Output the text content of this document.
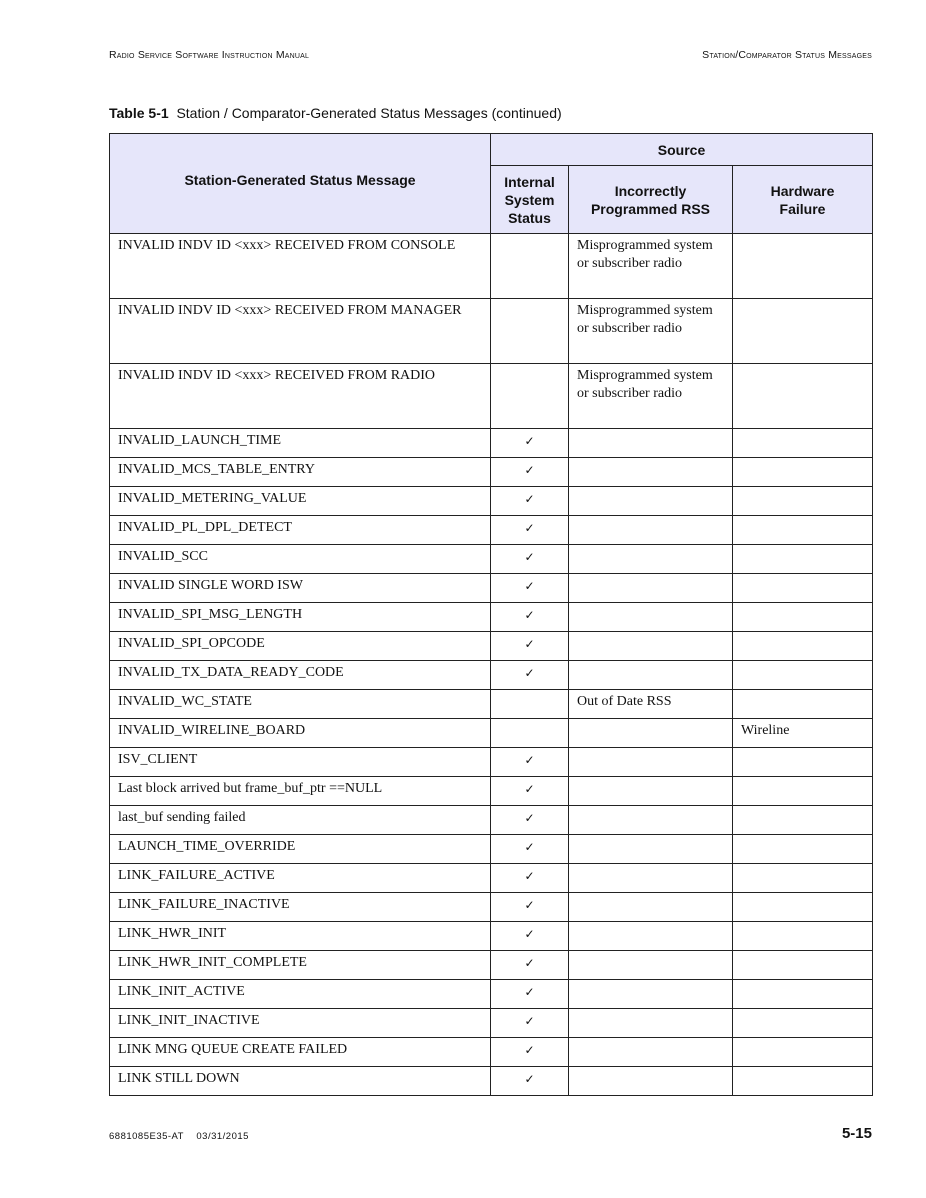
Radio Service Software Instruction Manual	Station/Comparator Status Messages
Table 5-1 Station / Comparator-Generated Status Messages (continued)
Station-Generated Status Message	Source		
	Internal System Status	Incorrectly Programmed RSS	Hardware Failure
INVALID INDV ID <xxx> RECEIVED FROM CONSOLE		Misprogrammed system or subscriber radio	
INVALID INDV ID <xxx> RECEIVED FROM MANAGER		Misprogrammed system or subscriber radio	
INVALID INDV ID <xxx> RECEIVED FROM RADIO		Misprogrammed system or subscriber radio	
INVALID_LAUNCH_TIME	✓		
INVALID_MCS_TABLE_ENTRY	✓		
INVALID_METERING_VALUE	✓		
INVALID_PL_DPL_DETECT	✓		
INVALID_SCC	✓		
INVALID SINGLE WORD ISW	✓		
INVALID_SPI_MSG_LENGTH	✓		
INVALID_SPI_OPCODE	✓		
INVALID_TX_DATA_READY_CODE	✓		
INVALID_WC_STATE		Out of Date RSS	
INVALID_WIRELINE_BOARD			Wireline
ISV_CLIENT	✓		
Last block arrived but frame_buf_ptr ==NULL	✓		
last_buf sending failed	✓		
LAUNCH_TIME_OVERRIDE	✓		
LINK_FAILURE_ACTIVE	✓		
LINK_FAILURE_INACTIVE	✓		
LINK_HWR_INIT	✓		
LINK_HWR_INIT_COMPLETE	✓		
LINK_INIT_ACTIVE	✓		
LINK_INIT_INACTIVE	✓		
LINK MNG QUEUE CREATE FAILED	✓		
LINK STILL DOWN	✓		
6881085E35-AT    03/31/2015	5-15
